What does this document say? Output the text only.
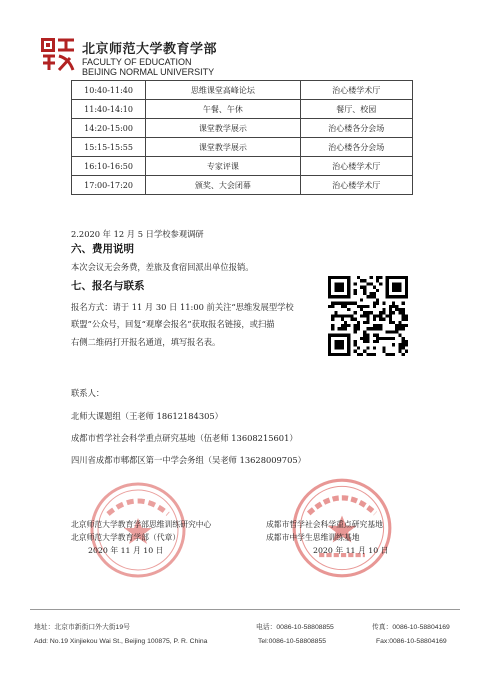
北京师范大学教育学部
FACULTY OF EDUCATION
BEIJING NORMAL UNIVERSITY
10:40-11:40	思维课堂高峰论坛	治心楼学术厅
11:40-14:10	午餐、午休	餐厅、校园
14:20-15:00	课堂教学展示	治心楼各分会场
15:15-15:55	课堂教学展示	治心楼各分会场
16:10-16:50	专家评课	治心楼学术厅
17:00-17:20	颁奖、大会闭幕	治心楼学术厅
2.2020 年 12 月 5 日学校参观调研
六、费用说明
本次会议无会务费，差旅及食宿回派出单位报销。
七、报名与联系
报名方式：请于 11 月 30 日 11:00 前关注“思维发展型学校
联盟”公众号，回复“观摩会报名”获取报名链接，或扫描
右侧二维码打开报名通道，填写报名表。
联系人：
北师大课题组（王老师 18612184305）
成都市哲学社会科学重点研究基地（伍老师 13608215601）
四川省成都市郫都区第一中学会务组（吴老师 13628009705）
北京师范大学教育学部思维训练研究中心
北京师范大学教育学部（代章）
2020 年 11 月 10 日
成都市哲学社会科学重点研究基地
成都市中学生思维训练基地
2020 年 11 月 10 日
地址：北京市新街口外大街19号	电话：0086-10-58808855	传真：0086-10-58804169
Add: No.19 Xinjiekou Wai St., Beijing 100875, P. R. China	Tel:0086-10-58808855	Fax:0086-10-58804169
